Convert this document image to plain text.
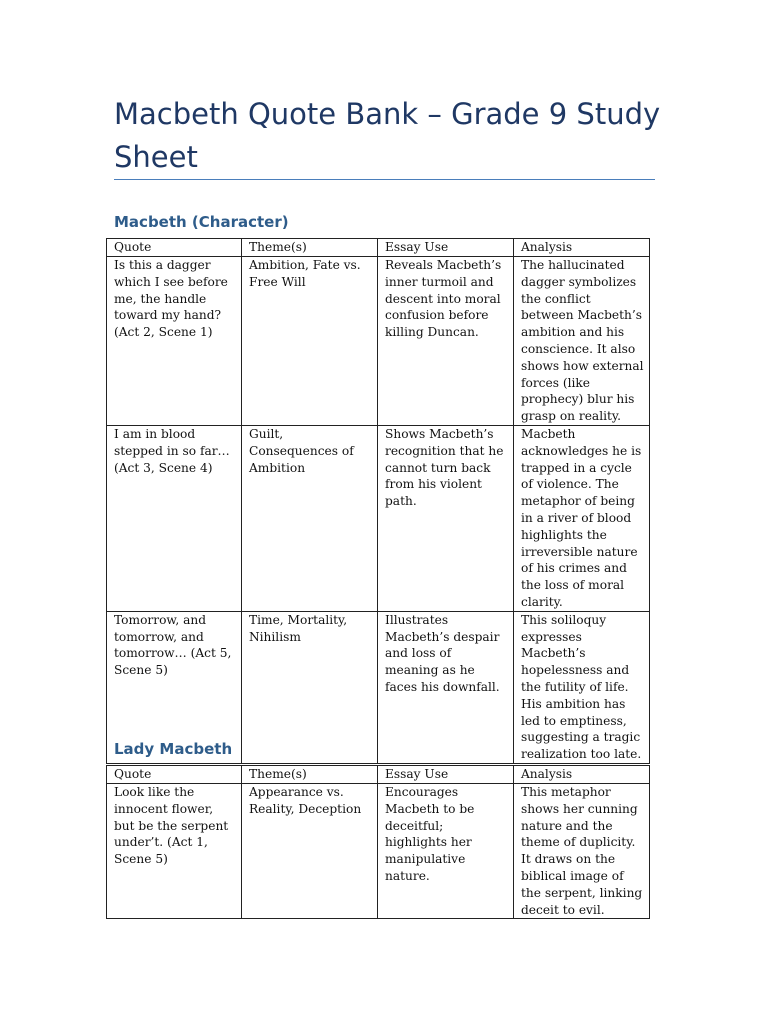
Macbeth Quote Bank – Grade 9 Study Sheet
Macbeth (Character)
Quote	Theme(s)	Essay Use	Analysis
Is this a dagger which I see before me, the handle toward my hand? (Act 2, Scene 1)	Ambition, Fate vs. Free Will	Reveals Macbeth’s inner turmoil and descent into moral confusion before killing Duncan.	The hallucinated dagger symbolizes the conflict between Macbeth’s ambition and his conscience. It also shows how external forces (like prophecy) blur his grasp on reality.
I am in blood stepped in so far… (Act 3, Scene 4)	Guilt, Consequences of Ambition	Shows Macbeth’s recognition that he cannot turn back from his violent path.	Macbeth acknowledges he is trapped in a cycle of violence. The metaphor of being in a river of blood highlights the irreversible nature of his crimes and the loss of moral clarity.
Tomorrow, and tomorrow, and tomorrow… (Act 5, Scene 5)	Time, Mortality, Nihilism	Illustrates Macbeth’s despair and loss of meaning as he faces his downfall.	This soliloquy expresses Macbeth’s hopelessness and the futility of life. His ambition has led to emptiness, suggesting a tragic realization too late.
Lady Macbeth
Quote	Theme(s)	Essay Use	Analysis
Look like the innocent flower, but be the serpent under’t. (Act 1, Scene 5)	Appearance vs. Reality, Deception	Encourages Macbeth to be deceitful; highlights her manipulative nature.	This metaphor shows her cunning nature and the theme of duplicity. It draws on the biblical image of the serpent, linking deceit to evil.
